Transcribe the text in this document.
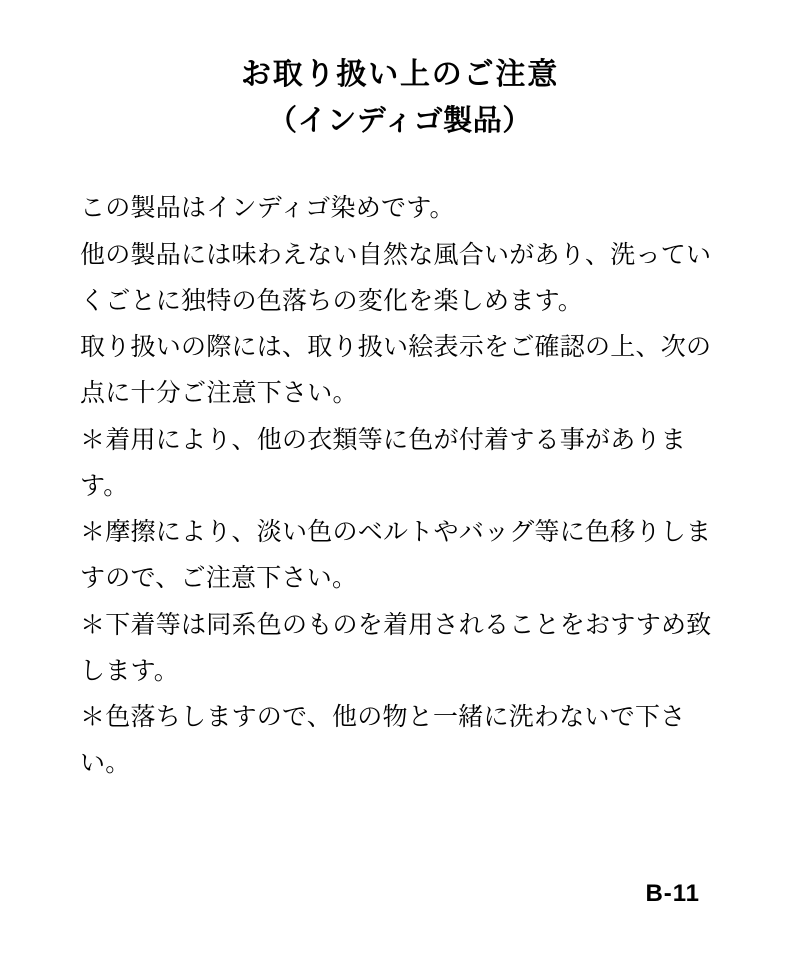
お取り扱い上のご注意
（インディゴ製品）

この製品はインディゴ染めです。

他の製品には味わえない自然な風合いがあり、洗っていくごとに独特の色落ちの変化を楽しめます。

取り扱いの際には、取り扱い絵表示をご確認の上、次の点に十分ご注意下さい。

＊着用により、他の衣類等に色が付着する事があります。

＊摩擦により、淡い色のベルトやバッグ等に色移りしますので、ご注意下さい。

＊下着等は同系色のものを着用されることをおすすめ致します。

＊色落ちしますので、他の物と一緒に洗わないで下さい。

B-11
